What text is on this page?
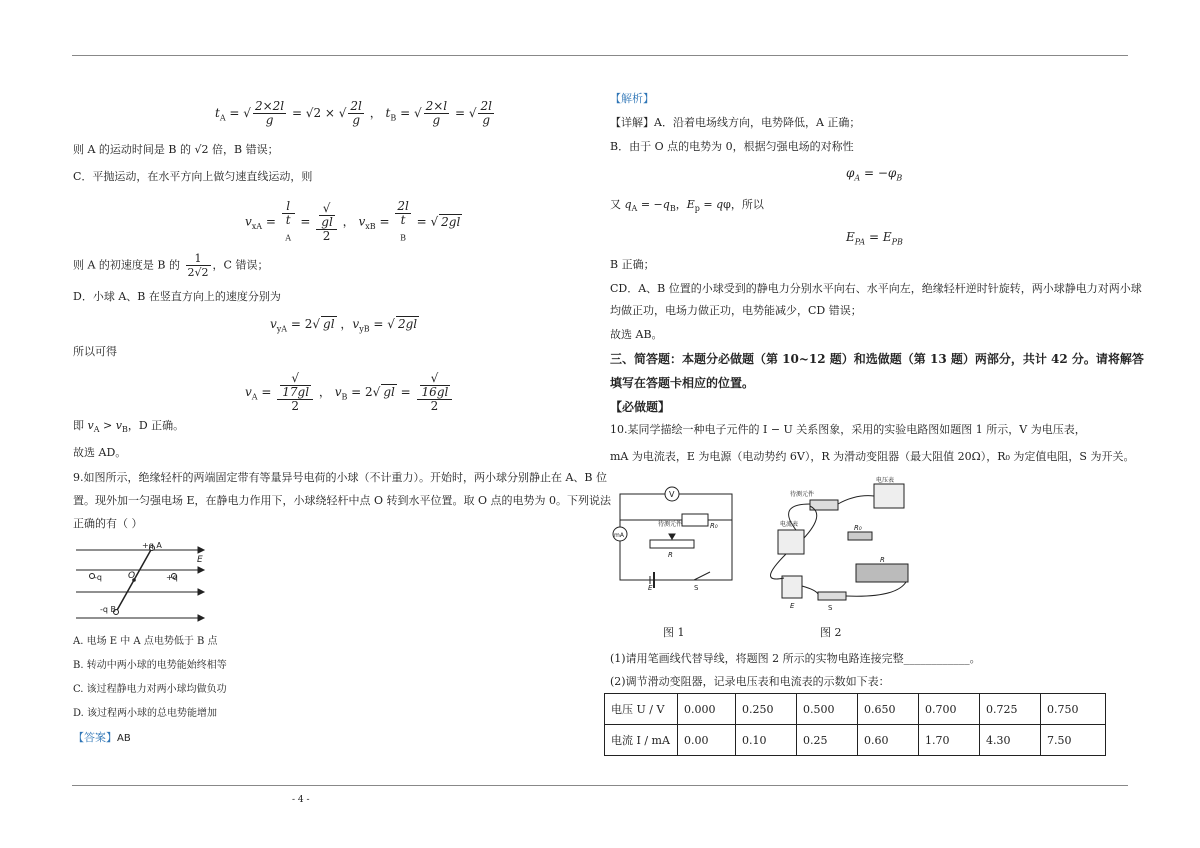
$t_A$ = √ $\frac{2\times 2l}{g} = √2$ × √ $\frac{2l}{g}$ ， $t_B$ = √ $\frac{2\times l}{g}$ = √ $\frac{2l}{g}$
则 A 的运动时间是 B 的 √2 倍，B 错误；
C．平抛运动，在水平方向上做匀速直线运动，则
$v_{xA} = l$
t
$_A$ = √
gl
2 ， $v_{xB} = 2l$
t
$_B$ = √ 2gl
则 A 的初速度是 B 的 $\frac{1}{2√2}$ ，C 错误；
D．小球 A、B 在竖直方向上的速度分别为
$v_{yA} = 2√$ gl ，$v_{yB}$ = √ 2gl
所以可得
$v_A$ = √
17gl
2 ， $v_B = 2√$ gl = √
16gl
2
即 $v_A > v_B$，D 正确。
故选 AD。
9.如图所示，绝缘轻杆的两端固定带有等量异号电荷的小球（不计重力）。开始时，两小球分别静止在 A、B 位
置。现外加一匀强电场 E，在静电力作用下，小球绕轻杆中点 O 转到水平位置。取 O 点的电势为 0。下列说法
正确的有（ ）
+q A
E
-q	O	+q
-q B
A. 电场 E 中 A 点电势低于 B 点
B. 转动中两小球的电势能始终相等
C. 该过程静电力对两小球均做负功
D. 该过程两小球的总电势能增加
【答案】AB
【解析】
【详解】A．沿着电场线方向，电势降低，A 正确；
B．由于 O 点的电势为 0，根据匀强电场的对称性
$\varphi_A = -\varphi_B$
又 $q_A = -q_B$，$E_p = q\varphi$，所以
$E_{PA} = E_{PB}$
B 正确；
CD．A、B 位置的小球受到的静电力分别水平向右、水平向左，绝缘轻杆逆时针旋转，两小球静电力对两小球
均做正功，电场力做正功，电势能减少，CD 错误；
故选 AB。
三、简答题：本题分必做题（第 10~12 题）和选做题（第 13 题）两部分，共计 42 分。请将解答
填写在答题卡相应的位置。
【必做题】
10.某同学描绘一种电子元件的 I − U 关系图象，采用的实验电路图如题图 1 所示，V 为电压表，
mA 为电流表，E 为电源（电动势约 6V），R 为滑动变阻器（最大阻值 20Ω），R₀ 为定值电阻，S 为开关。
V
mA
待测元件	R₀
R
E	S
图 1
待测元件
电压表
电流表	R₀
R
E	S
图 2
(1)请用笔画线代替导线，将题图 2 所示的实物电路连接完整____________。
(2)调节滑动变阻器，记录电压表和电流表的示数如下表：
电压 U / V	0.000	0.250	0.500	0.650	0.700	0.725	0.750
电流 I / mA	0.00	0.10	0.25	0.60	1.70	4.30	7.50
- 4 -
